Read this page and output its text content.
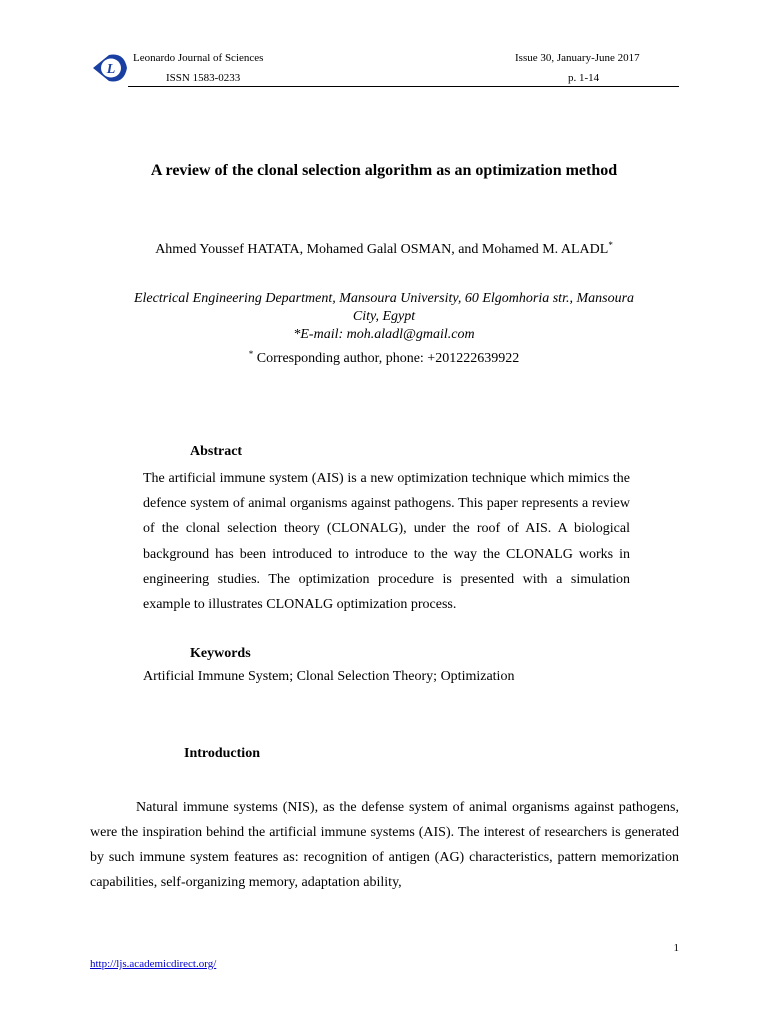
L
Leonardo Journal of Sciences	Issue 30, January-June 2017
ISSN 1583-0233	p. 1-14
A review of the clonal selection algorithm as an optimization method
Ahmed Youssef HATATA, Mohamed Galal OSMAN, and Mohamed M. ALADL*
Electrical Engineering Department, Mansoura University, 60 Elgomhoria str., Mansoura
City, Egypt
*E-mail: moh.aladl@gmail.com
* Corresponding author, phone: +201222639922
Abstract

The artificial immune system (AIS) is a new optimization technique which mimics the defence system of animal organisms against pathogens. This paper represents a review of the clonal selection theory (CLONALG), under the roof of AIS. A biological background has been introduced to introduce to the way the CLONALG works in engineering studies. The optimization procedure is presented with a simulation example to illustrates CLONALG optimization process.

Keywords
Artificial Immune System; Clonal Selection Theory; Optimization
Introduction

Natural immune systems (NIS), as the defense system of animal organisms against pathogens, were the inspiration behind the artificial immune systems (AIS). The interest of researchers is generated by such immune system features as: recognition of antigen (AG) characteristics, pattern memorization capabilities, self-organizing memory, adaptation ability,

1
http://ljs.academicdirect.org/
